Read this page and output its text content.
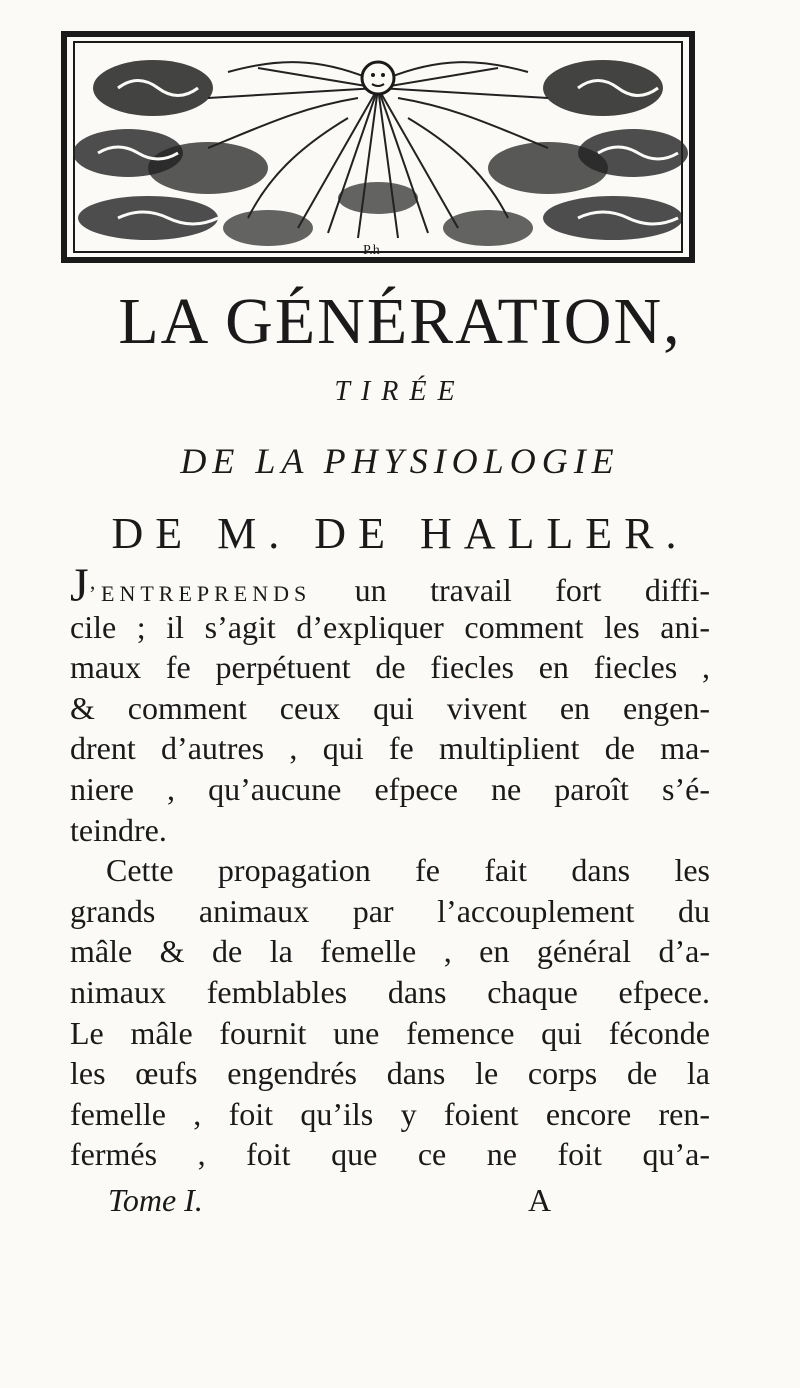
P.h
LA GÉNÉRATION,
TIRÉE
DE LA PHYSIOLOGIE
DE M. DE HALLER.
J’ENTREPRENDS un travail fort diffi-
cile ; il s’agit d’expliquer comment les ani-
maux fe perpétuent de fiecles en fiecles ,
& comment ceux qui vivent en engen-
drent d’autres , qui fe multiplient de ma-
niere , qu’aucune efpece ne paroît s’é-
teindre.
Cette propagation fe fait dans les
grands animaux par l’accouplement du
mâle & de la femelle , en général d’a-
nimaux femblables dans chaque efpece.
Le mâle fournit une femence qui féconde
les œufs engendrés dans le corps de la
femelle , foit qu’ils y foient encore ren-
fermés , foit que ce ne foit qu’a-
Tome I.	A
